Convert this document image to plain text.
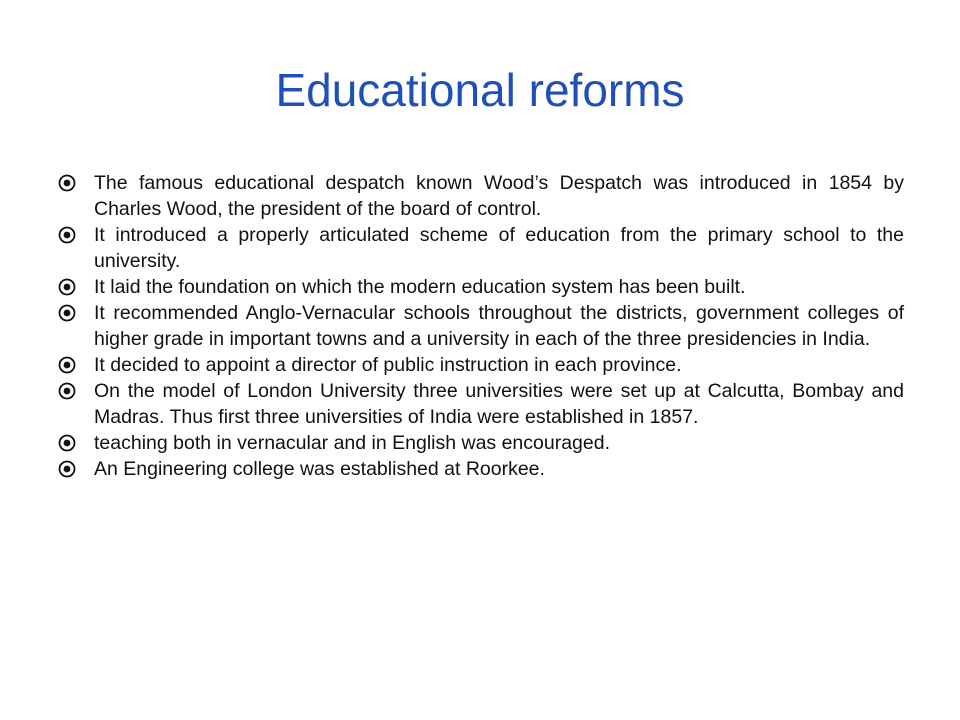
Educational reforms
The famous educational despatch known Wood’s Despatch was introduced in 1854 by Charles Wood, the president of the board of control.
It introduced a properly articulated scheme of education from the primary school to the university.
It laid the foundation on which the modern education system has been built.
It recommended Anglo-Vernacular schools throughout the districts, government colleges of higher grade in important towns and a university in each of the three presidencies in India.
It decided to appoint a director of public instruction in each province.
On the model of London University three universities were set up at Calcutta, Bombay and Madras. Thus first three universities of India were established in 1857.
teaching both in vernacular and in English was encouraged.
An Engineering college was established at Roorkee.
